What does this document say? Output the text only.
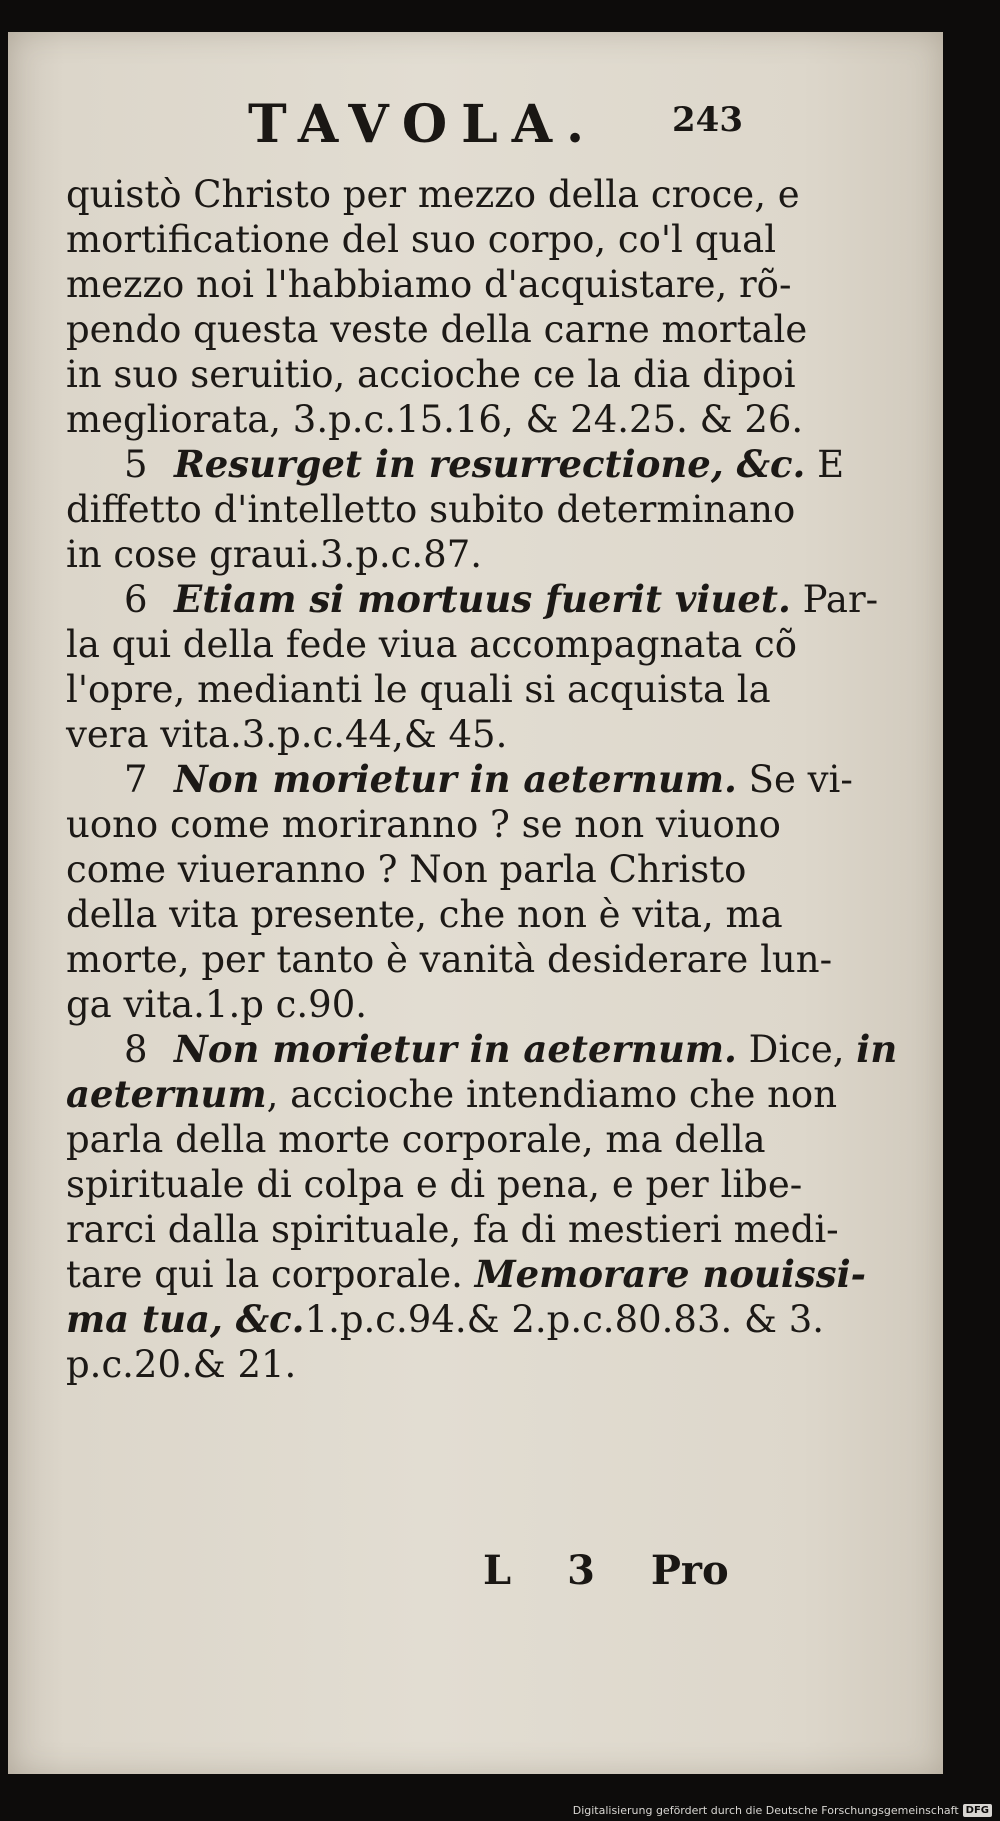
TAVOLA. 243
quistò Christo per mezzo della croce, e
mortificatione del suo corpo, co'l qual
mezzo noi l'habbiamo d'acquistare, rõ-
pendo questa veste della carne mortale
in suo seruitio, accioche ce la dia dipoi
megliorata, 3.p.c.15.16, & 24.25. & 26.
5 Resurget in resurrectione, &c. E
diffetto d'intelletto subito determinano
in cose graui.3.p.c.87.
6 Etiam si mortuus fuerit viuet. Par-
la qui della fede viua accompagnata cõ
l'opre, medianti le quali si acquista la
vera vita.3.p.c.44,& 45.
7 Non morietur in aeternum. Se vi-
uono come moriranno ? se non viuono
come viueranno ? Non parla Christo
della vita presente, che non è vita, ma
morte, per tanto è vanità desiderare lun-
ga vita.1.p c.90.
8 Non morietur in aeternum. Dice, in
aeternum, accioche intendiamo che non
parla della morte corporale, ma della
spirituale di colpa e di pena, e per libe-
rarci dalla spirituale, fa di mestieri medi-
tare qui la corporale. Memorare nouissi-
ma tua, &c.1.p.c.94.& 2.p.c.80.83. & 3.
p.c.20.& 21.
L 3 Pro
Digitalisierung gefördert durch die Deutsche Forschungsgemeinschaft DFG
